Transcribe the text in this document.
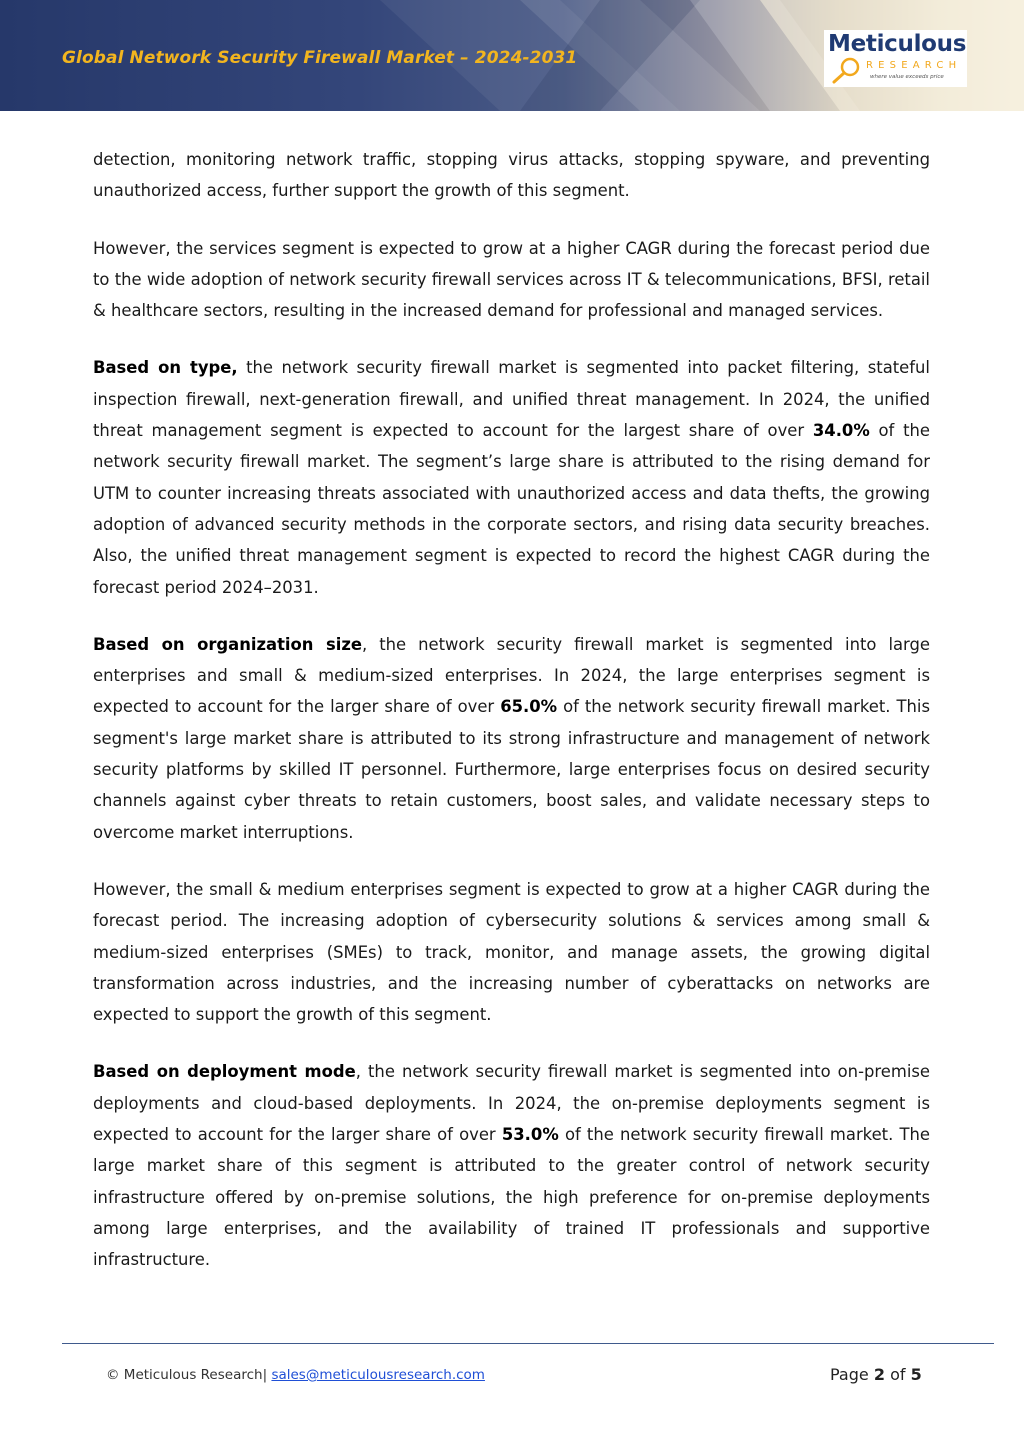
Global Network Security Firewall Market – 2024-2031
Meticulous
RESEARCH
where value exceeds price

detection, monitoring network traffic, stopping virus attacks, stopping spyware, and preventing unauthorized access, further support the growth of this segment.

However, the services segment is expected to grow at a higher CAGR during the forecast period due to the wide adoption of network security firewall services across IT & telecommunications, BFSI, retail & healthcare sectors, resulting in the increased demand for professional and managed services.

Based on type, the network security firewall market is segmented into packet filtering, stateful inspection firewall, next-generation firewall, and unified threat management. In 2024, the unified threat management segment is expected to account for the largest share of over 34.0% of the network security firewall market. The segment’s large share is attributed to the rising demand for UTM to counter increasing threats associated with unauthorized access and data thefts, the growing adoption of advanced security methods in the corporate sectors, and rising data security breaches. Also, the unified threat management segment is expected to record the highest CAGR during the forecast period 2024–2031.

Based on organization size, the network security firewall market is segmented into large enterprises and small & medium-sized enterprises. In 2024, the large enterprises segment is expected to account for the larger share of over 65.0% of the network security firewall market. This segment's large market share is attributed to its strong infrastructure and management of network security platforms by skilled IT personnel. Furthermore, large enterprises focus on desired security channels against cyber threats to retain customers, boost sales, and validate necessary steps to overcome market interruptions.

However, the small & medium enterprises segment is expected to grow at a higher CAGR during the forecast period. The increasing adoption of cybersecurity solutions & services among small & medium-sized enterprises (SMEs) to track, monitor, and manage assets, the growing digital transformation across industries, and the increasing number of cyberattacks on networks are expected to support the growth of this segment.

Based on deployment mode, the network security firewall market is segmented into on-premise deployments and cloud-based deployments. In 2024, the on-premise deployments segment is expected to account for the larger share of over 53.0% of the network security firewall market. The large market share of this segment is attributed to the greater control of network security infrastructure offered by on-premise solutions, the high preference for on-premise deployments among large enterprises, and the availability of trained IT professionals and supportive infrastructure.

© Meticulous Research| sales@meticulousresearch.com	Page 2 of 5
